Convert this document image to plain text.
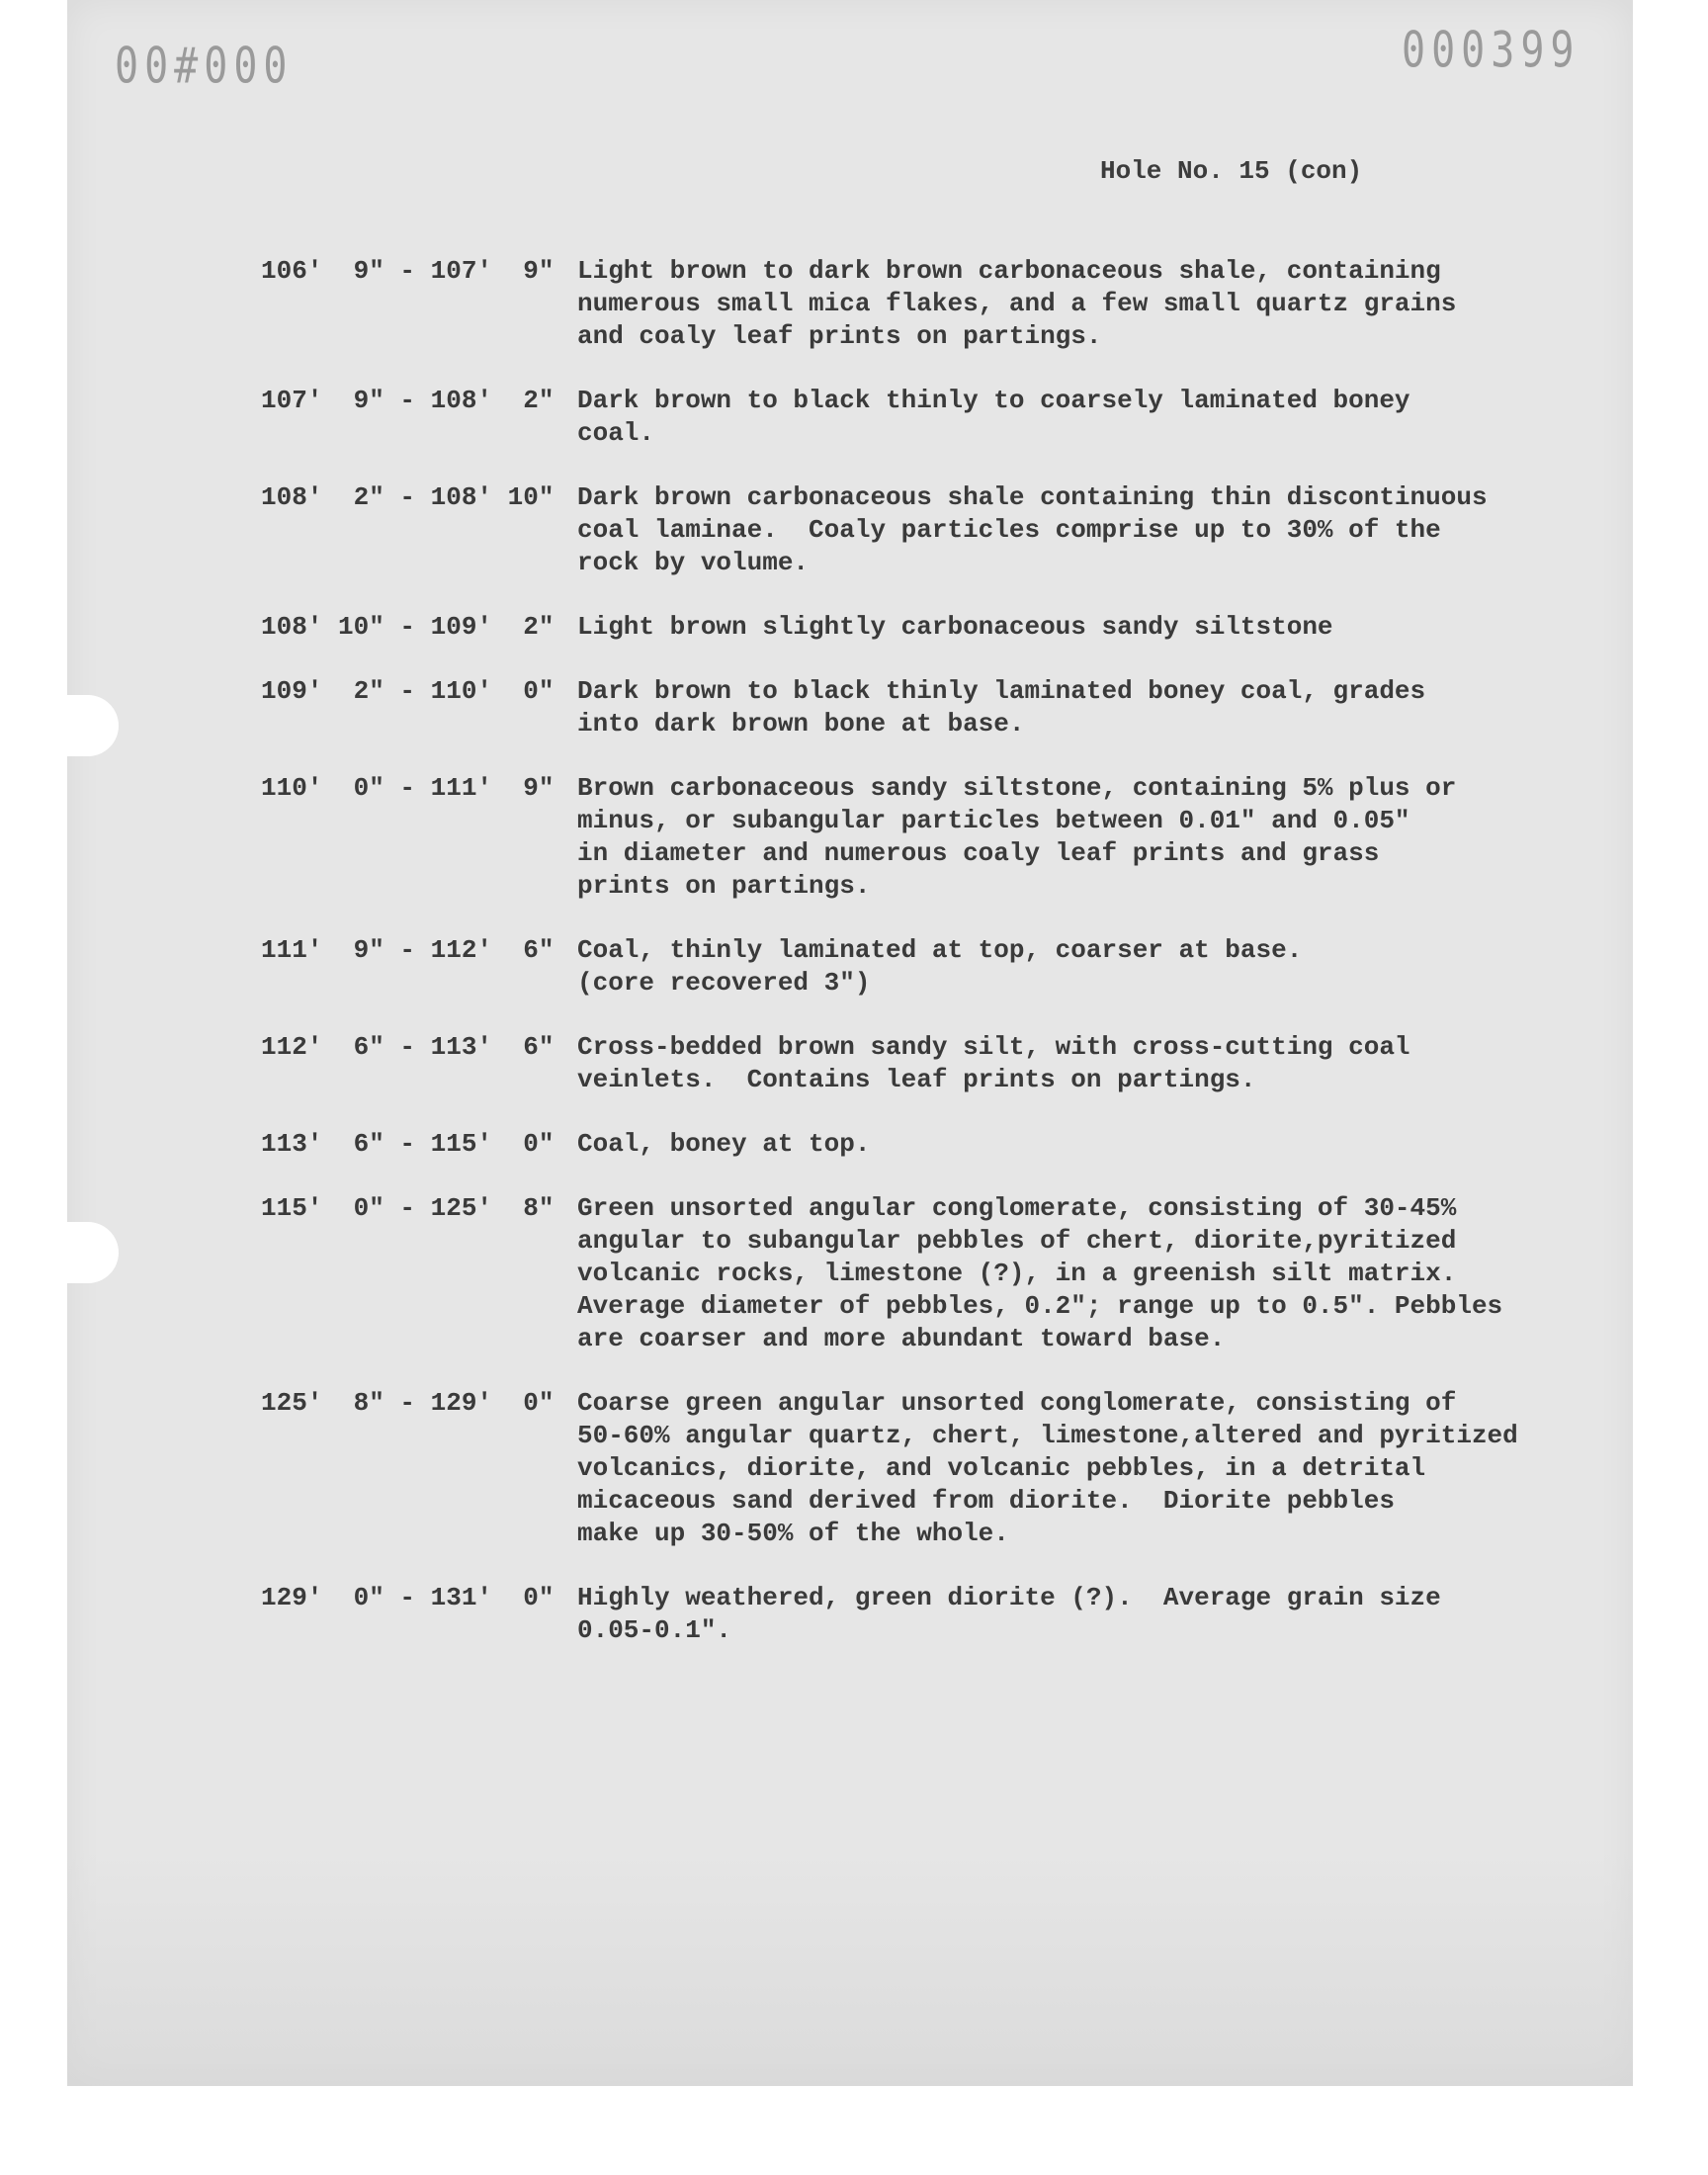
00#000	000399
Hole No. 15 (con)
106'  9" - 107'  9" Light brown to dark brown carbonaceous shale, containing
numerous small mica flakes, and a few small quartz grains
and coaly leaf prints on partings.
107'  9" - 108'  2" Dark brown to black thinly to coarsely laminated boney
coal.
108'  2" - 108' 10" Dark brown carbonaceous shale containing thin discontinuous
coal laminae.  Coaly particles comprise up to 30% of the
rock by volume.
108' 10" - 109'  2" Light brown slightly carbonaceous sandy siltstone
109'  2" - 110'  0" Dark brown to black thinly laminated boney coal, grades
into dark brown bone at base.
110'  0" - 111'  9" Brown carbonaceous sandy siltstone, containing 5% plus or
minus, or subangular particles between 0.01" and 0.05"
in diameter and numerous coaly leaf prints and grass
prints on partings.
111'  9" - 112'  6" Coal, thinly laminated at top, coarser at base.
(core recovered 3")
112'  6" - 113'  6" Cross-bedded brown sandy silt, with cross-cutting coal
veinlets.  Contains leaf prints on partings.
113'  6" - 115'  0" Coal, boney at top.
115'  0" - 125'  8" Green unsorted angular conglomerate, consisting of 30-45%
angular to subangular pebbles of chert, diorite,pyritized
volcanic rocks, limestone (?), in a greenish silt matrix.
Average diameter of pebbles, 0.2"; range up to 0.5". Pebbles
are coarser and more abundant toward base.
125'  8" - 129'  0" Coarse green angular unsorted conglomerate, consisting of
50-60% angular quartz, chert, limestone,altered and pyritized
volcanics, diorite, and volcanic pebbles, in a detrital
micaceous sand derived from diorite.  Diorite pebbles
make up 30-50% of the whole.
129'  0" - 131'  0" Highly weathered, green diorite (?).  Average grain size
0.05-0.1".
